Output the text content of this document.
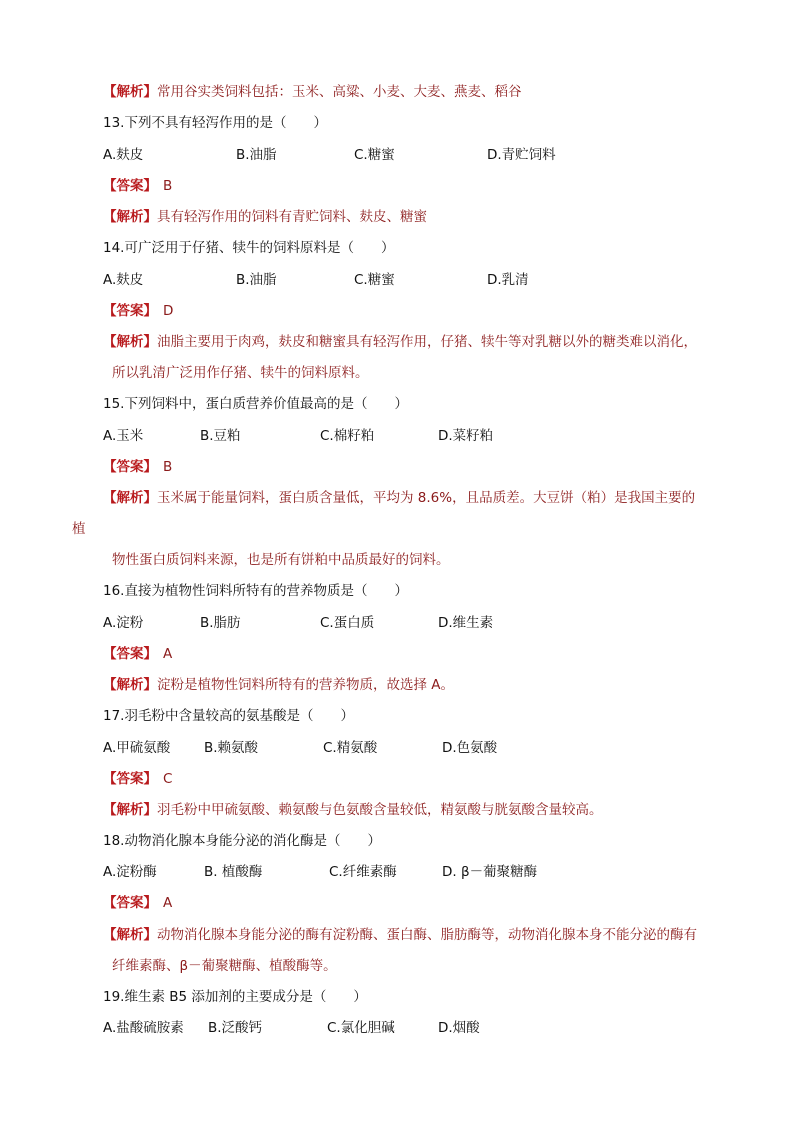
【解析】常用谷实类饲料包括：玉米、高粱、小麦、大麦、燕麦、稻谷
13.下列不具有轻泻作用的是（　　）
A.麸皮	B.油脂	C.糖蜜	D.青贮饲料
【答案】 B
【解析】具有轻泻作用的饲料有青贮饲料、麸皮、糖蜜
14.可广泛用于仔猪、犊牛的饲料原料是（　　）
A.麸皮	B.油脂	C.糖蜜	D.乳清
【答案】 D
【解析】油脂主要用于肉鸡，麸皮和糖蜜具有轻泻作用，仔猪、犊牛等对乳糖以外的糖类难以消化，
所以乳清广泛用作仔猪、犊牛的饲料原料。
15.下列饲料中，蛋白质营养价值最高的是（　　）
A.玉米	B.豆粕	C.棉籽粕	D.菜籽粕
【答案】 B
【解析】玉米属于能量饲料，蛋白质含量低，平均为 8.6%，且品质差。大豆饼（粕）是我国主要的
植
物性蛋白质饲料来源，也是所有饼粕中品质最好的饲料。
16.直接为植物性饲料所特有的营养物质是（　　）
A.淀粉	B.脂肪	C.蛋白质	D.维生素
【答案】 A
【解析】淀粉是植物性饲料所特有的营养物质，故选择 A。
17.羽毛粉中含量较高的氨基酸是（　　）
A.甲硫氨酸 B.赖氨酸	C.精氨酸	D.色氨酸
【答案】 C
【解析】羽毛粉中甲硫氨酸、赖氨酸与色氨酸含量较低，精氨酸与胱氨酸含量较高。
18.动物消化腺本身能分泌的消化酶是（　　）
A.淀粉酶	B. 植酸酶	C.纤维素酶	D. β－葡聚糖酶
【答案】 A
【解析】动物消化腺本身能分泌的酶有淀粉酶、蛋白酶、脂肪酶等，动物消化腺本身不能分泌的酶有
纤维素酶、β－葡聚糖酶、植酸酶等。
19.维生素 B5 添加剂的主要成分是（　　）
A.盐酸硫胺素 B.泛酸钙	C.氯化胆碱	D.烟酸
